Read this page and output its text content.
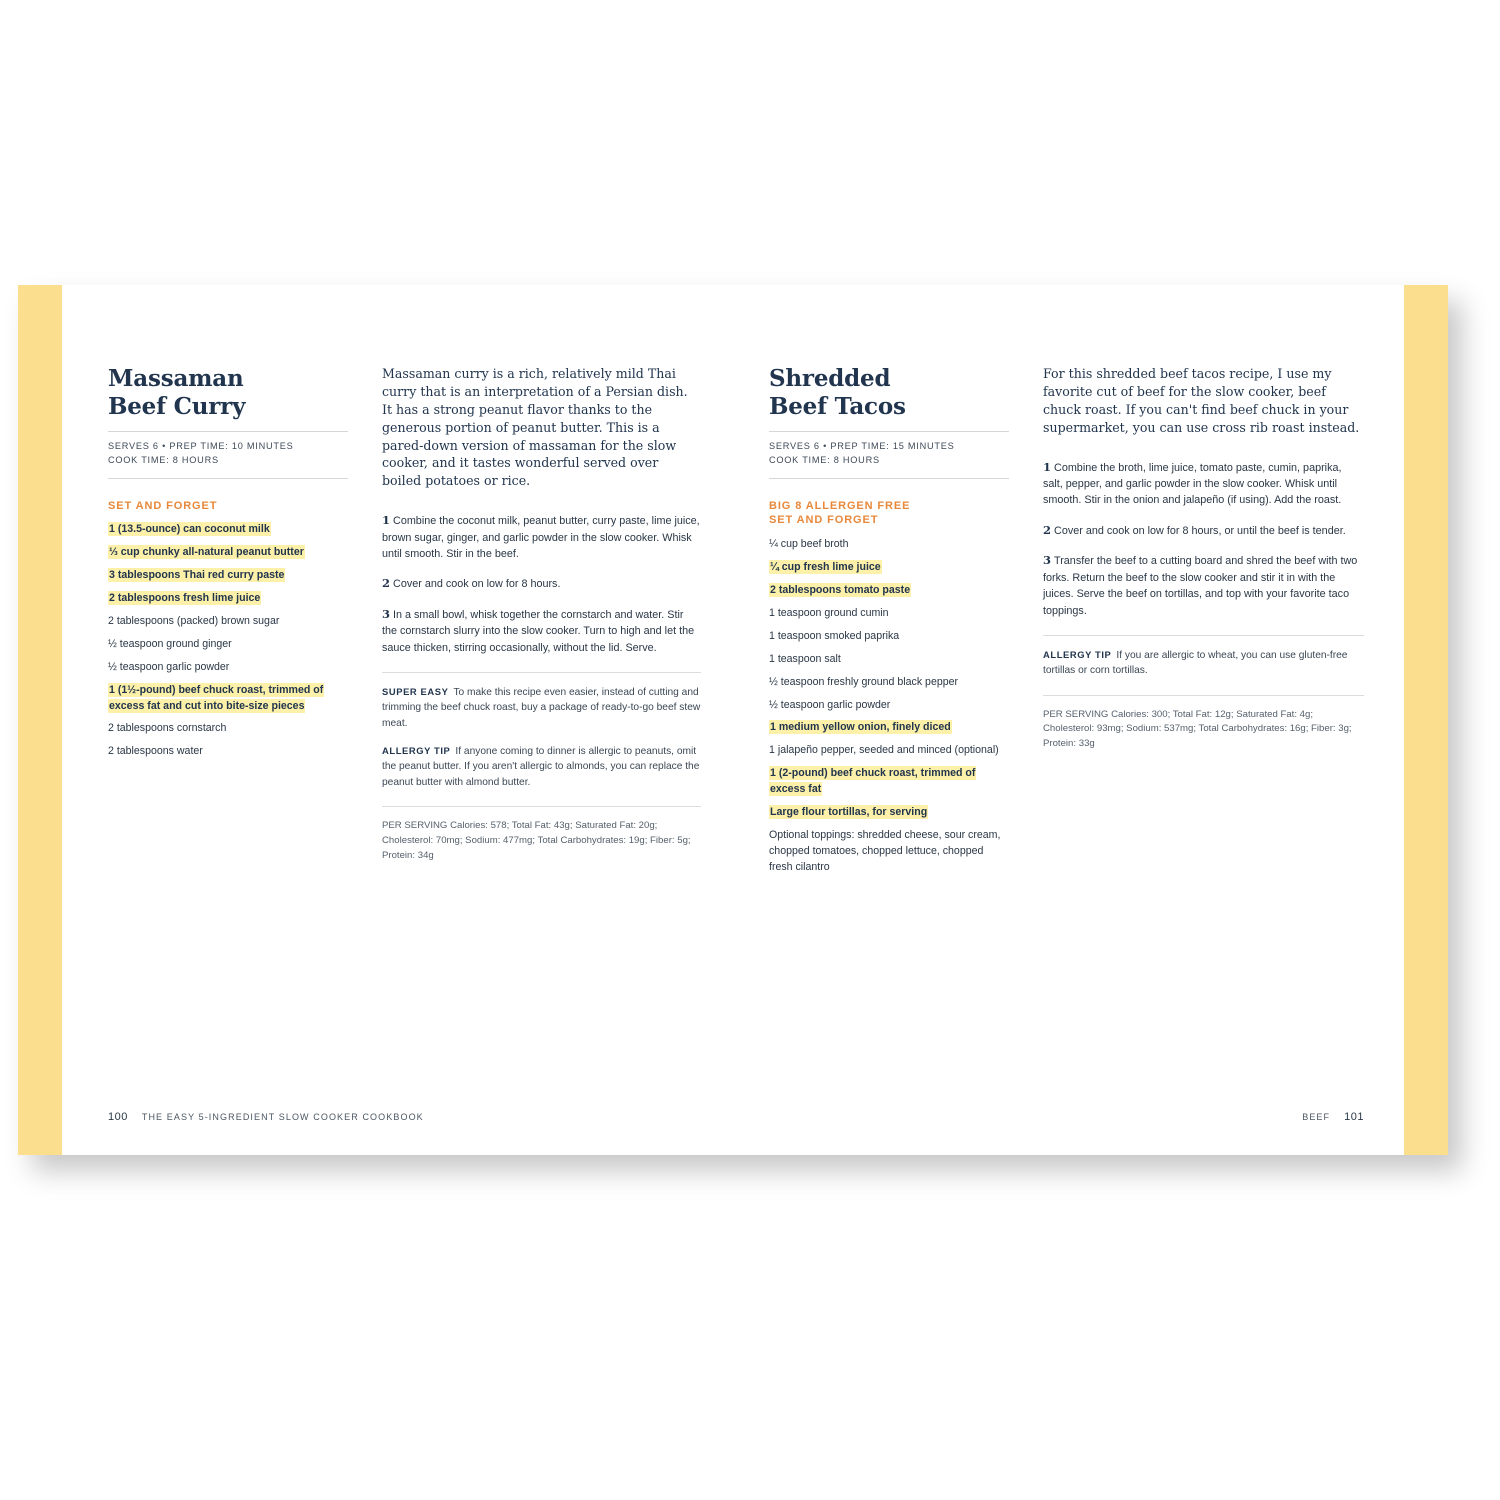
Massaman
Beef Curry
SERVES 6 • PREP TIME: 10 MINUTES
COOK TIME: 8 HOURS
SET AND FORGET
1 (13.5-ounce) can coconut milk
⅓ cup chunky all-natural peanut butter
3 tablespoons Thai red curry paste
2 tablespoons fresh lime juice
2 tablespoons (packed) brown sugar
½ teaspoon ground ginger
½ teaspoon garlic powder
1 (1½-pound) beef chuck roast, trimmed of excess fat and cut into bite-size pieces
2 tablespoons cornstarch
2 tablespoons water

Massaman curry is a rich, relatively mild Thai curry that is an interpretation of a Persian dish. It has a strong peanut flavor thanks to the generous portion of peanut butter. This is a pared-down version of massaman for the slow cooker, and it tastes wonderful served over boiled potatoes or rice.

1 Combine the coconut milk, peanut butter, curry paste, lime juice, brown sugar, ginger, and garlic powder in the slow cooker. Whisk until smooth. Stir in the beef.
2 Cover and cook on low for 8 hours.
3 In a small bowl, whisk together the cornstarch and water. Stir the cornstarch slurry into the slow cooker. Turn to high and let the sauce thicken, stirring occasionally, without the lid. Serve.
SUPER EASY To make this recipe even easier, instead of cutting and trimming the beef chuck roast, buy a package of ready-to-go beef stew meat.
ALLERGY TIP If anyone coming to dinner is allergic to peanuts, omit the peanut butter. If you aren't allergic to almonds, you can replace the peanut butter with almond butter.
PER SERVING Calories: 578; Total Fat: 43g; Saturated Fat: 20g; Cholesterol: 70mg; Sodium: 477mg; Total Carbohydrates: 19g; Fiber: 5g; Protein: 34g
100 THE EASY 5-INGREDIENT SLOW COOKER COOKBOOK
Shredded
Beef Tacos
SERVES 6 • PREP TIME: 15 MINUTES
COOK TIME: 8 HOURS
BIG 8 ALLERGEN FREE
SET AND FORGET
¼ cup beef broth
¼ cup fresh lime juice
2 tablespoons tomato paste
1 teaspoon ground cumin
1 teaspoon smoked paprika
1 teaspoon salt
½ teaspoon freshly ground black pepper
½ teaspoon garlic powder
1 medium yellow onion, finely diced
1 jalapeño pepper, seeded and minced (optional)
1 (2-pound) beef chuck roast, trimmed of excess fat
Large flour tortillas, for serving
Optional toppings: shredded cheese, sour cream, chopped tomatoes, chopped lettuce, chopped fresh cilantro

For this shredded beef tacos recipe, I use my favorite cut of beef for the slow cooker, beef chuck roast. If you can't find beef chuck in your supermarket, you can use cross rib roast instead.

1 Combine the broth, lime juice, tomato paste, cumin, paprika, salt, pepper, and garlic powder in the slow cooker. Whisk until smooth. Stir in the onion and jalapeño (if using). Add the roast.
2 Cover and cook on low for 8 hours, or until the beef is tender.
3 Transfer the beef to a cutting board and shred the beef with two forks. Return the beef to the slow cooker and stir it in with the juices. Serve the beef on tortillas, and top with your favorite taco toppings.
ALLERGY TIP If you are allergic to wheat, you can use gluten-free tortillas or corn tortillas.
PER SERVING Calories: 300; Total Fat: 12g; Saturated Fat: 4g; Cholesterol: 93mg; Sodium: 537mg; Total Carbohydrates: 16g; Fiber: 3g; Protein: 33g
BEEF 101
